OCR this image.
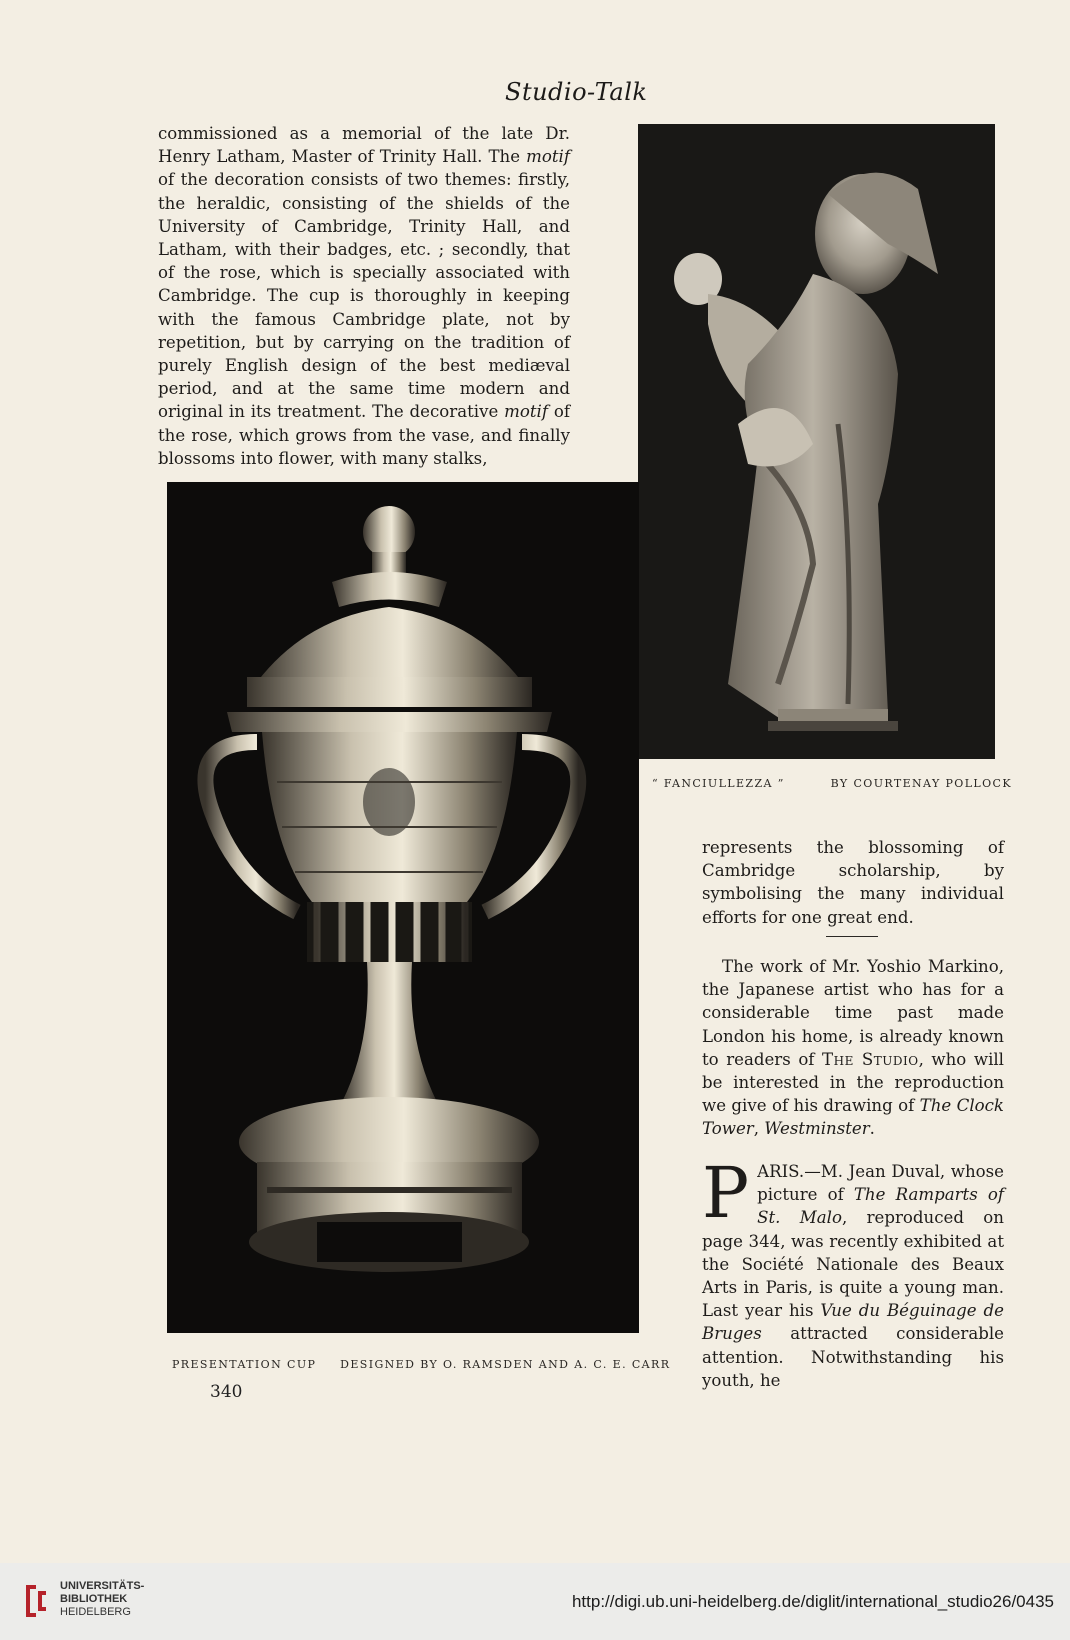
Studio-Talk

commissioned as a memorial of the late Dr. Henry Latham, Master of Trinity Hall. The motif of the decoration consists of two themes: firstly, the heraldic, consisting of the shields of the University of Cambridge, Trinity Hall, and Latham, with their badges, etc. ; secondly, that of the rose, which is specially associated with Cambridge. The cup is thoroughly in keeping with the famous Cambridge plate, not by repetition, but by carrying on the tradition of purely English design of the best mediæval period, and at the same time modern and original in its treatment. The decorative motif of the rose, which grows from the vase, and finally blossoms into flower, with many stalks,

“ FANCIULLEZZA ”	BY COURTENAY POLLOCK
PRESENTATION CUP DESIGNED BY O. RAMSDEN AND A. C. E. CARR
340

represents the blossoming of Cambridge scholarship, by symbolising the many individual efforts for one great end.

The work of Mr. Yoshio Markino, the Japanese artist who has for a considerable time past made London his home, is already known to readers of The Studio, who will be interested in the reproduction we give of his drawing of The Clock Tower, Westminster.

PARIS.—M. Jean Duval, whose picture of The Ramparts of St. Malo, reproduced on page 344, was recently exhibited at the Société Nationale des Beaux Arts in Paris, is quite a young man. Last year his Vue du Béguinage de Bruges attracted considerable attention. Notwithstanding his youth, he

UNIVERSITÄTS-
BIBLIOTHEK
HEIDELBERG
http://digi.ub.uni-heidelberg.de/diglit/international_studio26/0435
